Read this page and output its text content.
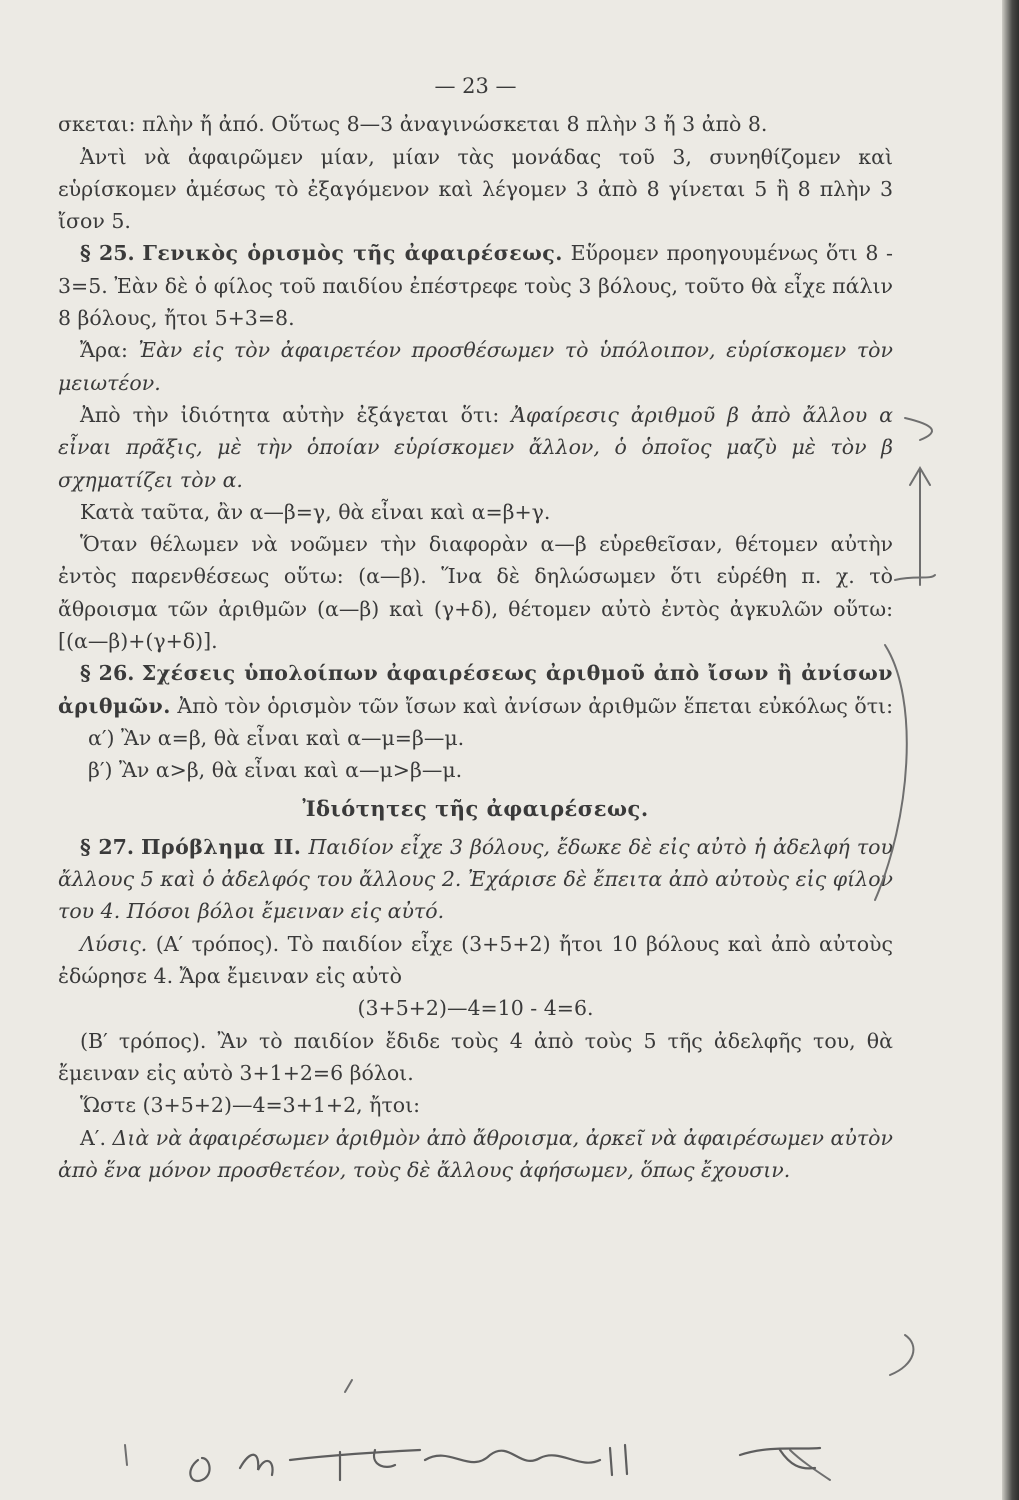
— 23 —

σκεται: πλὴν ἤ ἀπό. Οὕτως 8—3 ἀναγινώσκεται 8 πλὴν 3 ἤ 3 ἀπὸ 8.

Ἀντὶ νὰ ἀφαιρῶμεν μίαν, μίαν τὰς μονάδας τοῦ 3, συνηθίζομεν καὶ εὑρίσκομεν ἀμέσως τὸ ἐξαγόμενον καὶ λέγομεν 3 ἀπὸ 8 γίνεται 5 ἢ 8 πλὴν 3 ἴσον 5.

§ 25. Γενικὸς ὁρισμὸς τῆς ἀφαιρέσεως. Εὕρομεν προηγουμένως ὅτι 8 - 3=5. Ἐὰν δὲ ὁ φίλος τοῦ παιδίου ἐπέστρεφε τοὺς 3 βόλους, τοῦτο θὰ εἶχε πάλιν 8 βόλους, ἤτοι 5+3=8.

Ἄρα: Ἐὰν εἰς τὸν ἀφαιρετέον προσθέσωμεν τὸ ὑπόλοιπον, εὑρίσκομεν τὸν μειωτέον.

Ἀπὸ τὴν ἰδιότητα αὐτὴν ἐξάγεται ὅτι: Ἀφαίρεσις ἀριθμοῦ β ἀπὸ ἄλλου α εἶναι πρᾶξις, μὲ τὴν ὁποίαν εὑρίσκομεν ἄλλον, ὁ ὁποῖος μαζὺ μὲ τὸν β σχηματίζει τὸν α.

Κατὰ ταῦτα, ἂν α—β=γ, θὰ εἶναι καὶ α=β+γ.

Ὅταν θέλωμεν νὰ νοῶμεν τὴν διαφορὰν α—β εὑρεθεῖσαν, θέτομεν αὐτὴν ἐντὸς παρενθέσεως οὕτω: (α—β). Ἵνα δὲ δηλώσωμεν ὅτι εὑρέθη π. χ. τὸ ἄθροισμα τῶν ἀριθμῶν (α—β) καὶ (γ+δ), θέτομεν αὐτὸ ἐντὸς ἀγκυλῶν οὕτω: [(α—β)+(γ+δ)].

§ 26. Σχέσεις ὑπολοίπων ἀφαιρέσεως ἀριθμοῦ ἀπὸ ἴσων ἢ ἀνίσων ἀριθμῶν. Ἀπὸ τὸν ὁρισμὸν τῶν ἴσων καὶ ἀνίσων ἀριθμῶν ἕπεται εὐκόλως ὅτι:

α′) Ἂν α=β, θὰ εἶναι καὶ α—μ=β—μ.

β′) Ἂν α>β, θὰ εἶναι καὶ α—μ>β—μ.

Ἰδιότητες τῆς ἀφαιρέσεως.

§ 27. Πρόβλημα ΙΙ. Παιδίον εἶχε 3 βόλους, ἔδωκε δὲ εἰς αὐτὸ ἡ ἀδελφή του ἄλλους 5 καὶ ὁ ἀδελφός του ἄλλους 2. Ἐχάρισε δὲ ἔπειτα ἀπὸ αὐτοὺς εἰς φίλον του 4. Πόσοι βόλοι ἔμειναν εἰς αὐτό.

Λύσις. (Α′ τρόπος). Τὸ παιδίον εἶχε (3+5+2) ἤτοι 10 βόλους καὶ ἀπὸ αὐτοὺς ἐδώρησε 4. Ἄρα ἔμειναν εἰς αὐτὸ

(3+5+2)—4=10 - 4=6.

(Β′ τρόπος). Ἂν τὸ παιδίον ἔδιδε τοὺς 4 ἀπὸ τοὺς 5 τῆς ἀδελφῆς του, θὰ ἔμειναν εἰς αὐτὸ 3+1+2=6 βόλοι.

Ὥστε (3+5+2)—4=3+1+2, ἤτοι:

Α′. Διὰ νὰ ἀφαιρέσωμεν ἀριθμὸν ἀπὸ ἄθροισμα, ἀρκεῖ νὰ ἀφαιρέσωμεν αὐτὸν ἀπὸ ἕνα μόνον προσθετέον, τοὺς δὲ ἄλλους ἀφήσωμεν, ὅπως ἔχουσιν.
